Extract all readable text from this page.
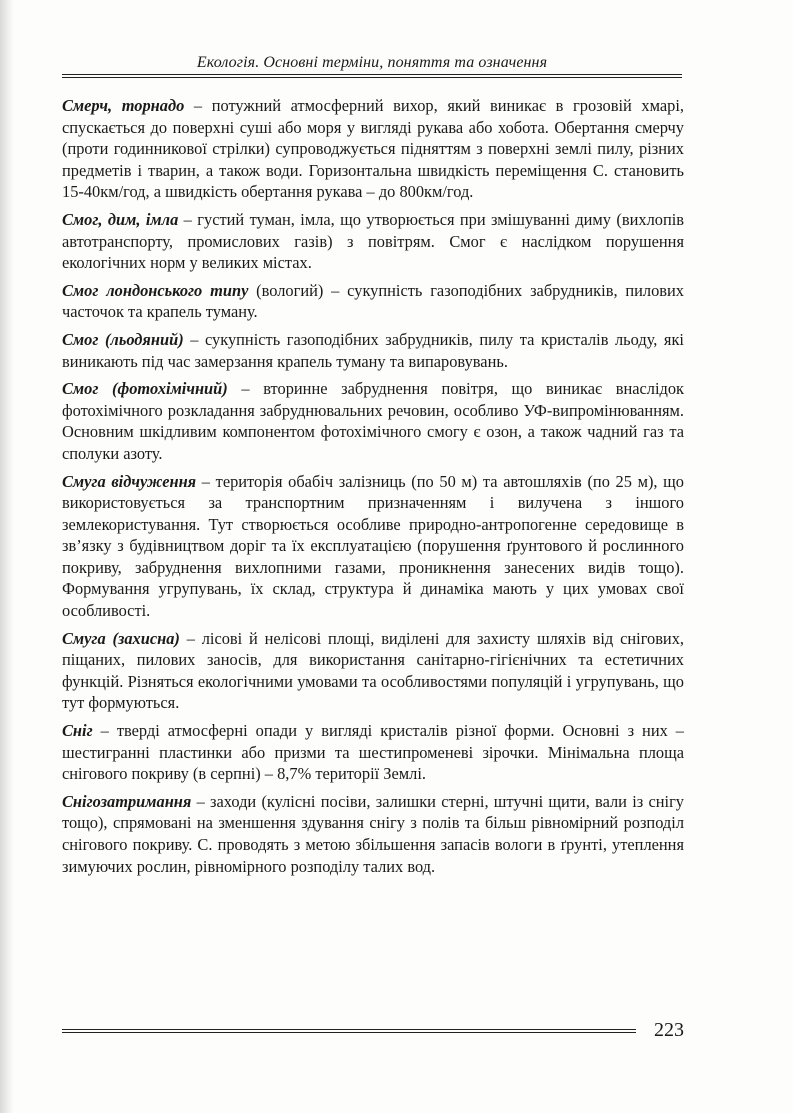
Екологія. Основні терміни, поняття та означення

Смерч, торнадо – потужний атмосферний вихор, який виникає в грозовій хмарі, спускається до поверхні суші або моря у вигляді рукава або хобота. Обертання смерчу (проти годинникової стрілки) супроводжується підняттям з поверхні землі пилу, різних предметів і тварин, а також води. Горизонтальна швидкість переміщення С. становить 15-40км/год, а швидкість обертання рукава – до 800км/год.

Смог, дим, імла – густий туман, імла, що утворюється при змішуванні диму (вихлопів автотранспорту, промислових газів) з повітрям. Смог є наслідком порушення екологічних норм у великих містах.

Смог лондонського типу (вологий) – сукупність газоподібних забрудників, пилових часточок та крапель туману.

Смог (льодяний) – сукупність газоподібних забрудників, пилу та кристалів льоду, які виникають під час замерзання крапель туману та випаровувань.

Смог (фотохімічний) – вторинне забруднення повітря, що виникає внаслідок фотохімічного розкладання забруднювальних речовин, особливо УФ-випромінюванням. Основним шкідливим компонентом фотохімічного смогу є озон, а також чадний газ та сполуки азоту.

Смуга відчуження – територія обабіч залізниць (по 50 м) та автошляхів (по 25 м), що використовується за транспортним призначенням і вилучена з іншого землекористування. Тут створюється особливе природно-антропогенне середовище в зв’язку з будівництвом доріг та їх експлуатацією (порушення ґрунтового й рослинного покриву, забруднення вихлопними газами, проникнення занесених видів тощо). Формування угрупувань, їх склад, структура й динаміка мають у цих умовах свої особливості.

Смуга (захисна) – лісові й нелісові площі, виділені для захисту шляхів від снігових, піщаних, пилових заносів, для використання санітарно-гігієнічних та естетичних функцій. Різняться екологічними умовами та особливостями популяцій і угрупувань, що тут формуються.

Сніг – тверді атмосферні опади у вигляді кристалів різної форми. Основні з них – шестигранні пластинки або призми та шестипроменеві зірочки. Мінімальна площа снігового покриву (в серпні) – 8,7% території Землі.

Снігозатримання – заходи (кулісні посіви, залишки стерні, штучні щити, вали із снігу тощо), спрямовані на зменшення здування снігу з полів та більш рівномірний розподіл снігового покриву. С. проводять з метою збільшення запасів вологи в ґрунті, утеплення зимуючих рослин, рівномірного розподілу талих вод.

223
